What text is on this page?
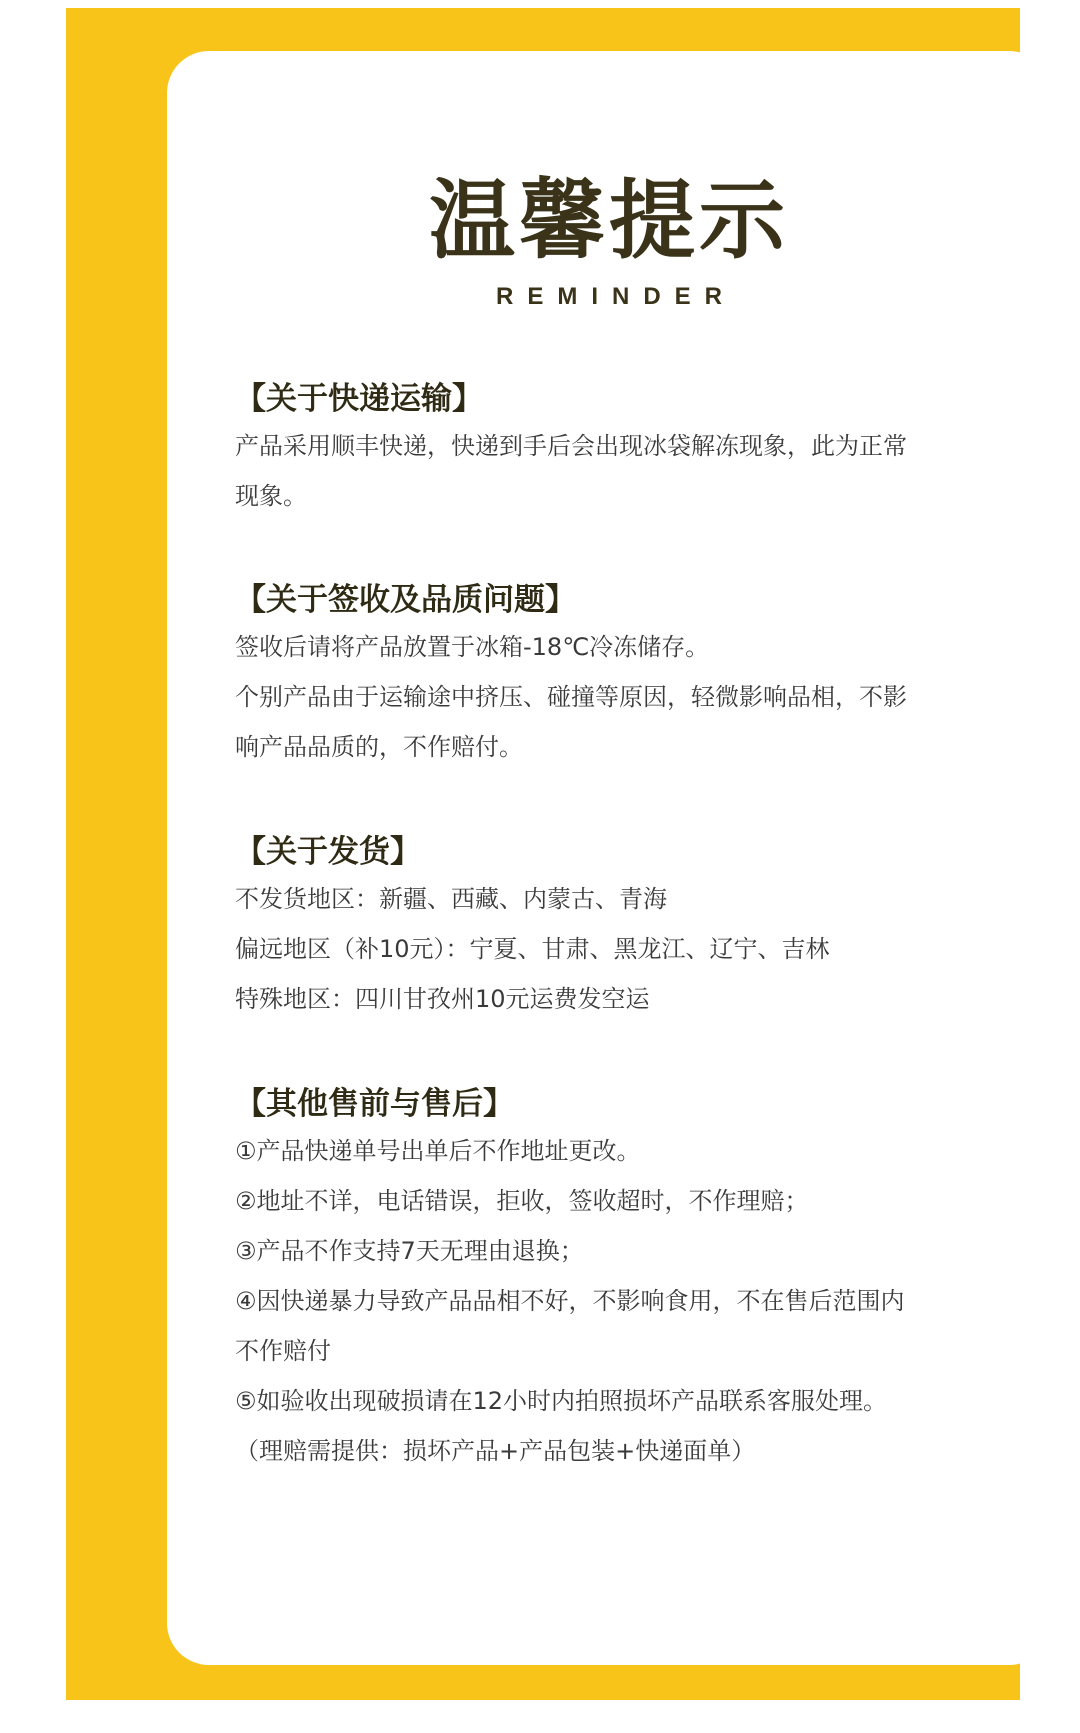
温馨提示
REMINDER

【关于快递运输】

产品采用顺丰快递，快递到手后会出现冰袋解冻现象，此为正常

现象。

【关于签收及品质问题】

签收后请将产品放置于冰箱-18℃冷冻储存。

个别产品由于运输途中挤压、碰撞等原因，轻微影响品相，不影

响产品品质的，不作赔付。

【关于发货】

不发货地区：新疆、西藏、内蒙古、青海

偏远地区（补10元）：宁夏、甘肃、黑龙江、辽宁、吉林

特殊地区：四川甘孜州10元运费发空运

【其他售前与售后】

①产品快递单号出单后不作地址更改。

②地址不详，电话错误，拒收，签收超时，不作理赔；

③产品不作支持7天无理由退换；

④因快递暴力导致产品品相不好，不影响食用，不在售后范围内

不作赔付

⑤如验收出现破损请在12小时内拍照损坏产品联系客服处理。

（理赔需提供：损坏产品+产品包装+快递面单）
